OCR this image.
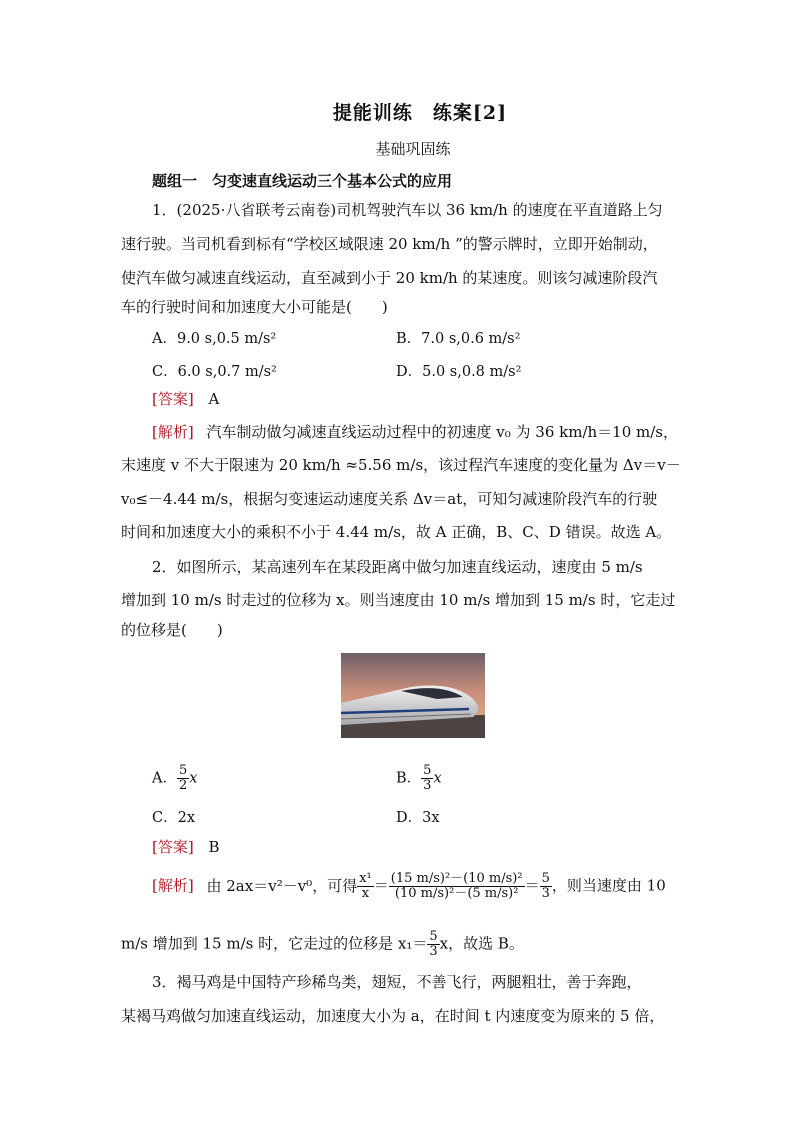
提能训练　练案[2]
基础巩固练
题组一　匀变速直线运动三个基本公式的应用
1．(2025·八省联考云南卷)司机驾驶汽车以 36 km/h 的速度在平直道路上匀
速行驶。当司机看到标有“学校区域限速 20 km/h ”的警示牌时，立即开始制动，
使汽车做匀减速直线运动，直至减到小于 20 km/h 的某速度。则该匀减速阶段汽
车的行驶时间和加速度大小可能是(　　)
A．9.0 s,0.5 m/s²	B．7.0 s,0.6 m/s²
C．6.0 s,0.7 m/s²	D．5.0 s,0.8 m/s²
[答案] A
[解析] 汽车制动做匀减速直线运动过程中的初速度 v₀ 为 36 km/h＝10 m/s，
末速度 v 不大于限速为 20 km/h ≈5.56 m/s，该过程汽车速度的变化量为 Δv＝v－
v₀≤－4.44 m/s，根据匀变速运动速度关系 Δv＝at，可知匀减速阶段汽车的行驶
时间和加速度大小的乘积不小于 4.44 m/s，故 A 正确，B、C、D 错误。故选 A。
2．如图所示，某高速列车在某段距离中做匀加速直线运动，速度由 5 m/s
增加到 10 m/s 时走过的位移为 x。则当速度由 10 m/s 增加到 15 m/s 时，它走过
的位移是(　　)
A． $\frac{5}{2}$ x	B． $\frac{5}{3}$ x
C．2x	D．3x
[答案] B
[解析] 由 2ax＝v²－v⁰，可得 $\frac{\text{x¹}}{x} = \frac{\text{(15 m/s)²－(10 m/s)²}}{\text{(10 m/s)²－(5 m/s)²}} = \frac{5}{3}$ ，则当速度由 10
m/s 增加到 15 m/s 时，它走过的位移是 $x_1= \frac{5}{3}$ x，故选 B。
3．褐马鸡是中国特产珍稀鸟类，翅短，不善飞行，两腿粗壮，善于奔跑，
某褐马鸡做匀加速直线运动，加速度大小为 a，在时间 t 内速度变为原来的 5 倍，
